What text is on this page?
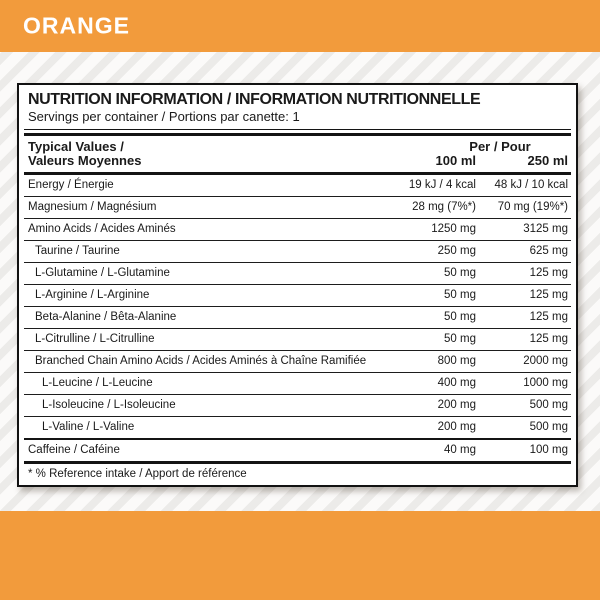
ORANGE
NUTRITION INFORMATION / INFORMATION NUTRITIONNELLE

Servings per container / Portions par canette: 1

Typical Values /
Valeurs Moyennes
Per / Pour
100 ml	250 ml
Energy / Énergie	19 kJ / 4 kcal	48 kJ / 10 kcal
Magnesium / Magnésium	28 mg (7%*)	70 mg (19%*)
Amino Acids / Acides Aminés	1250 mg	3125 mg
Taurine / Taurine	250 mg	625 mg
L-Glutamine / L-Glutamine	50 mg	125 mg
L-Arginine / L-Arginine	50 mg	125 mg
Beta-Alanine / Bêta-Alanine	50 mg	125 mg
L-Citrulline / L-Citrulline	50 mg	125 mg
Branched Chain Amino Acids / Acides Aminés à Chaîne Ramifiée	800 mg	2000 mg
L-Leucine / L-Leucine	400 mg	1000 mg
L-Isoleucine / L-Isoleucine	200 mg	500 mg
L-Valine / L-Valine	200 mg	500 mg
Caffeine / Caféine	40 mg	100 mg

* % Reference intake / Apport de référence
